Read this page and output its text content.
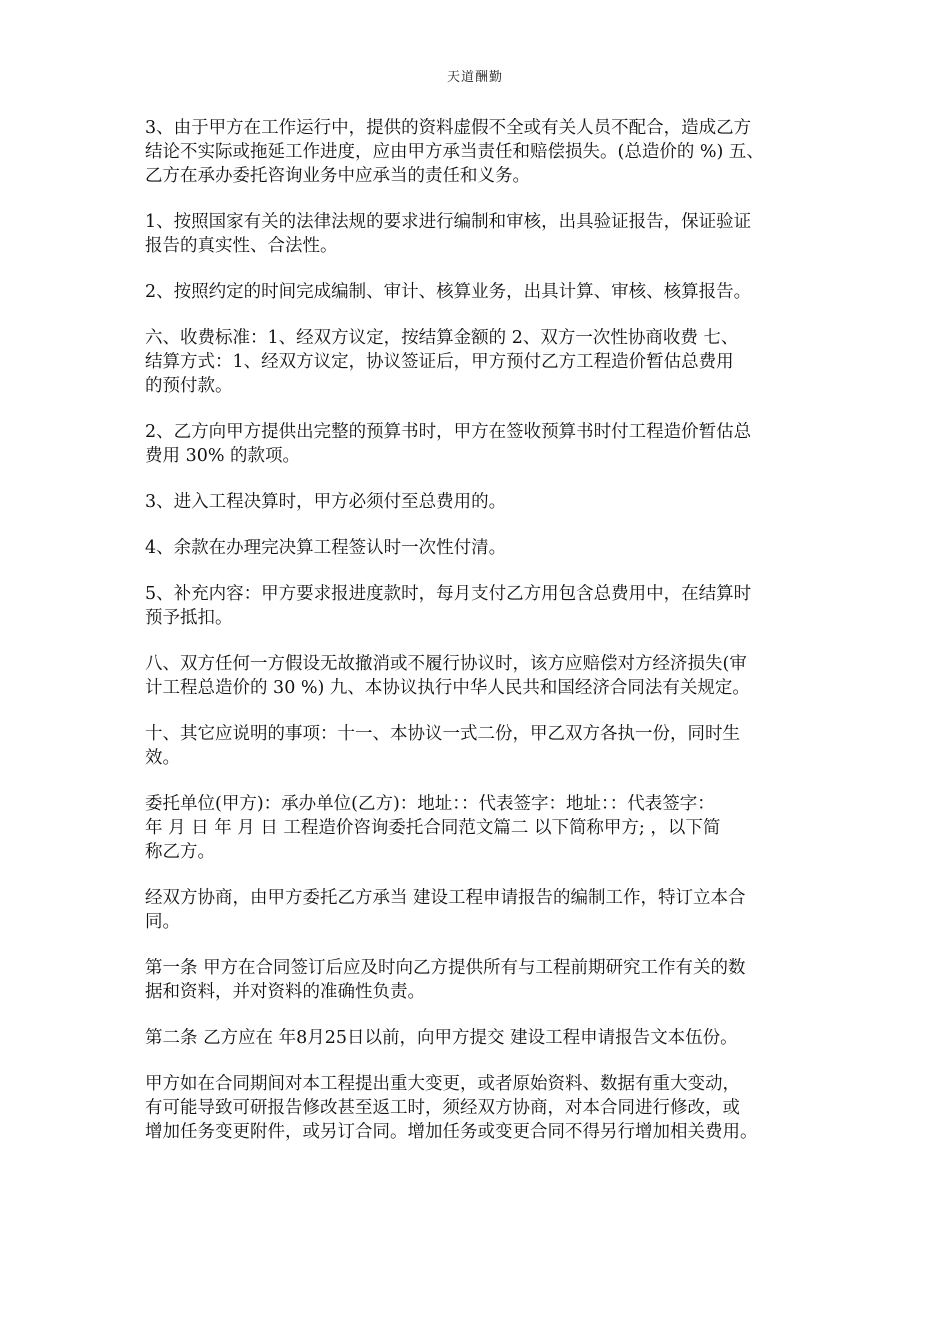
天道酬勤

3、由于甲方在工作运行中，提供的资料虚假不全或有关人员不配合，造成乙方
结论不实际或拖延工作进度，应由甲方承当责任和赔偿损失。(总造价的 %) 五、
乙方在承办委托咨询业务中应承当的责任和义务。

1、按照国家有关的法律法规的要求进行编制和审核，出具验证报告，保证验证
报告的真实性、合法性。

2、按照约定的时间完成编制、审计、核算业务，出具计算、审核、核算报告。

六、收费标准：1、经双方议定，按结算金额的 2、双方一次性协商收费 七、
结算方式：1、经双方议定，协议签证后，甲方预付乙方工程造价暂估总费用
的预付款。

2、乙方向甲方提供出完整的预算书时，甲方在签收预算书时付工程造价暂估总
费用 30% 的款项。

3、进入工程决算时，甲方必须付至总费用的。

4、余款在办理完决算工程签认时一次性付清。

5、补充内容：甲方要求报进度款时，每月支付乙方用包含总费用中，在结算时
预予抵扣。

八、双方任何一方假设无故撤消或不履行协议时，该方应赔偿对方经济损失(审
计工程总造价的 30 %) 九、本协议执行中华人民共和国经济合同法有关规定。

十、其它应说明的事项：十一、本协议一式二份，甲乙双方各执一份，同时生
效。

委托单位(甲方)：承办单位(乙方)：地址：：代表签字：地址：：代表签字：
年 月 日 年 月 日 工程造价咨询委托合同范文篇二 以下简称甲方; ，以下简
称乙方。

经双方协商，由甲方委托乙方承当 建设工程申请报告的编制工作，特订立本合
同。

第一条 甲方在合同签订后应及时向乙方提供所有与工程前期研究工作有关的数
据和资料，并对资料的准确性负责。

第二条 乙方应在 年8月25日以前，向甲方提交 建设工程申请报告文本伍份。

甲方如在合同期间对本工程提出重大变更，或者原始资料、数据有重大变动，
有可能导致可研报告修改甚至返工时，须经双方协商，对本合同进行修改，或
增加任务变更附件，或另订合同。增加任务或变更合同不得另行增加相关费用。
